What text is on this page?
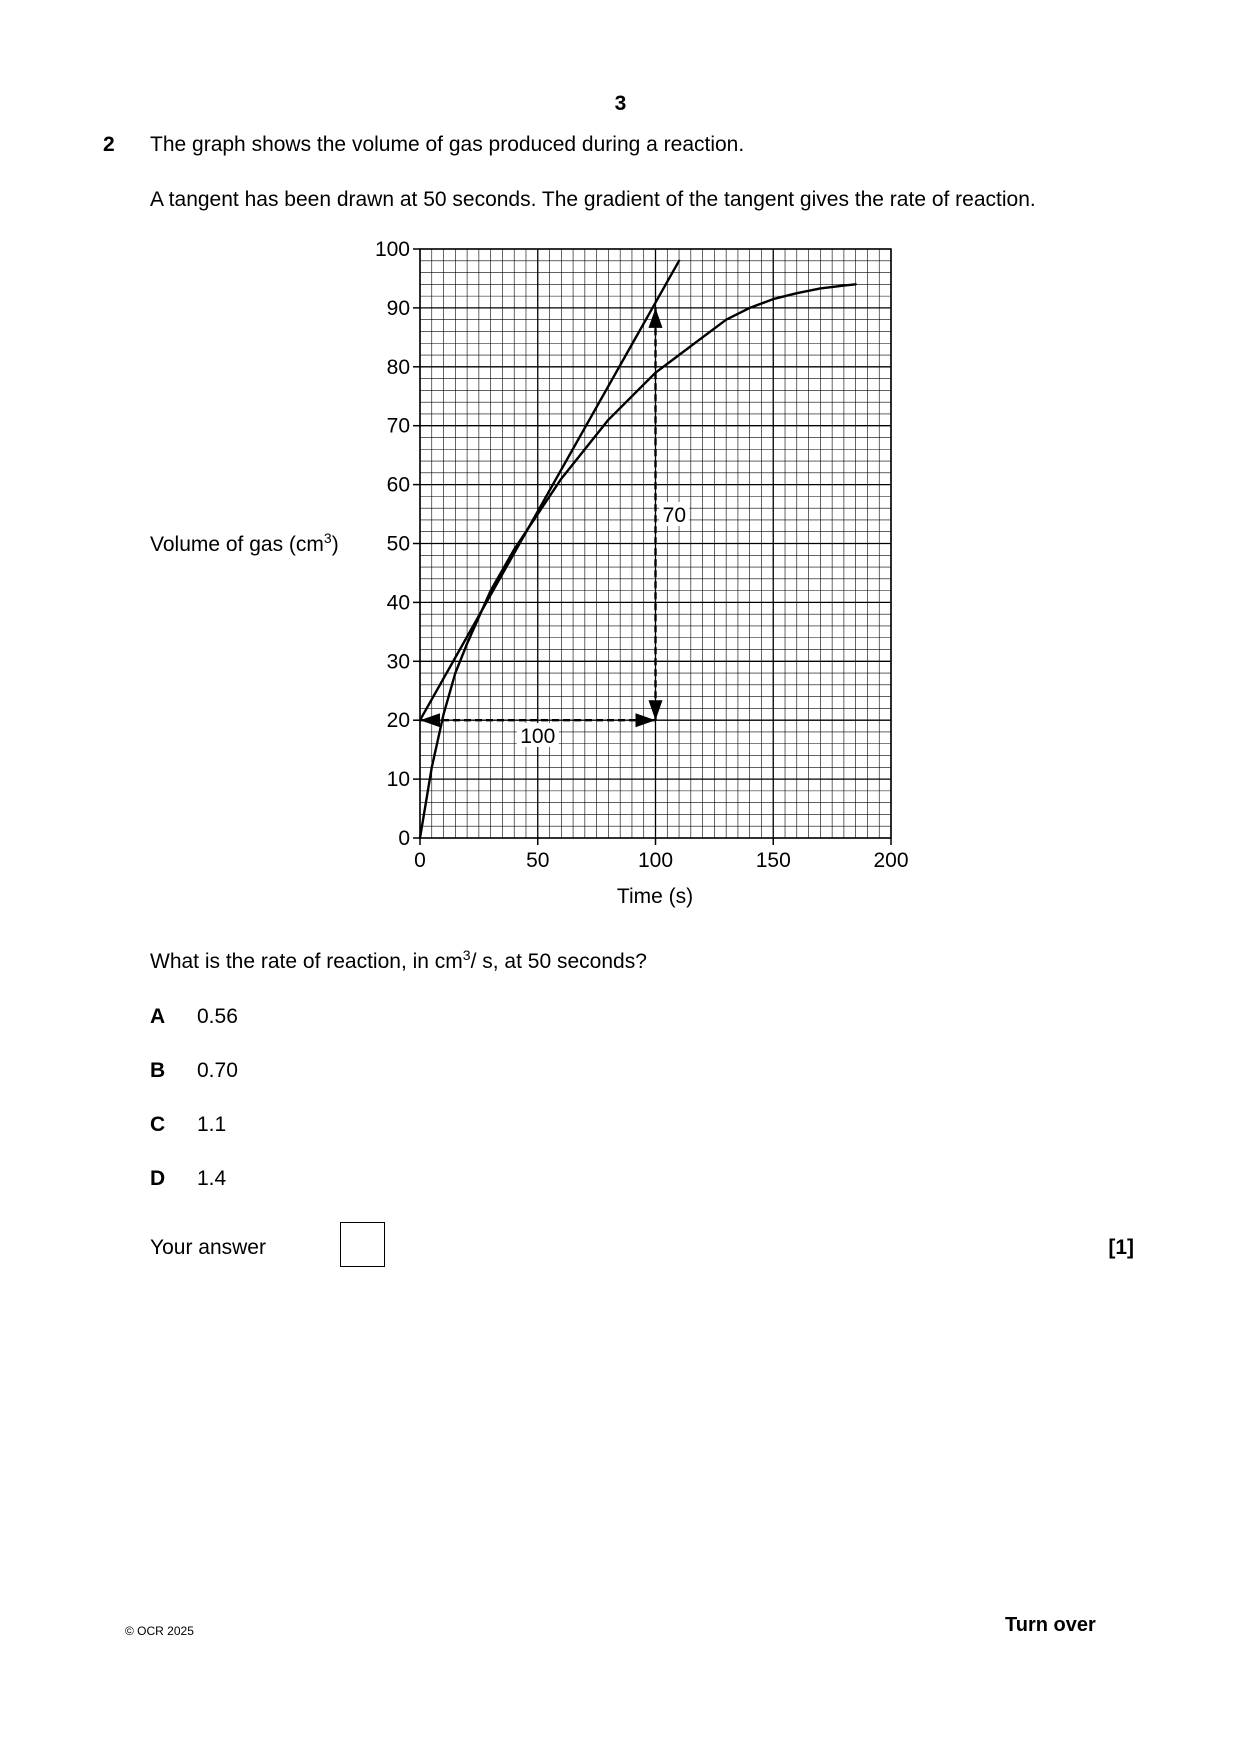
3
2 The graph shows the volume of gas produced during a reaction.
A tangent has been drawn at 50 seconds. The gradient of the tangent gives the rate of reaction.
Volume of gas $(cm^3)$
0	50	100	150	200
0
10
20
30
40
50
60
70
80
90
100
100
70
Time (s)
What is the rate of reaction, in $cm^3/$ s, at 50 seconds?
A 0.56
B 0.70
C 1.1
D 1.4
Your answer	[1]
© OCR 2025	Turn over
